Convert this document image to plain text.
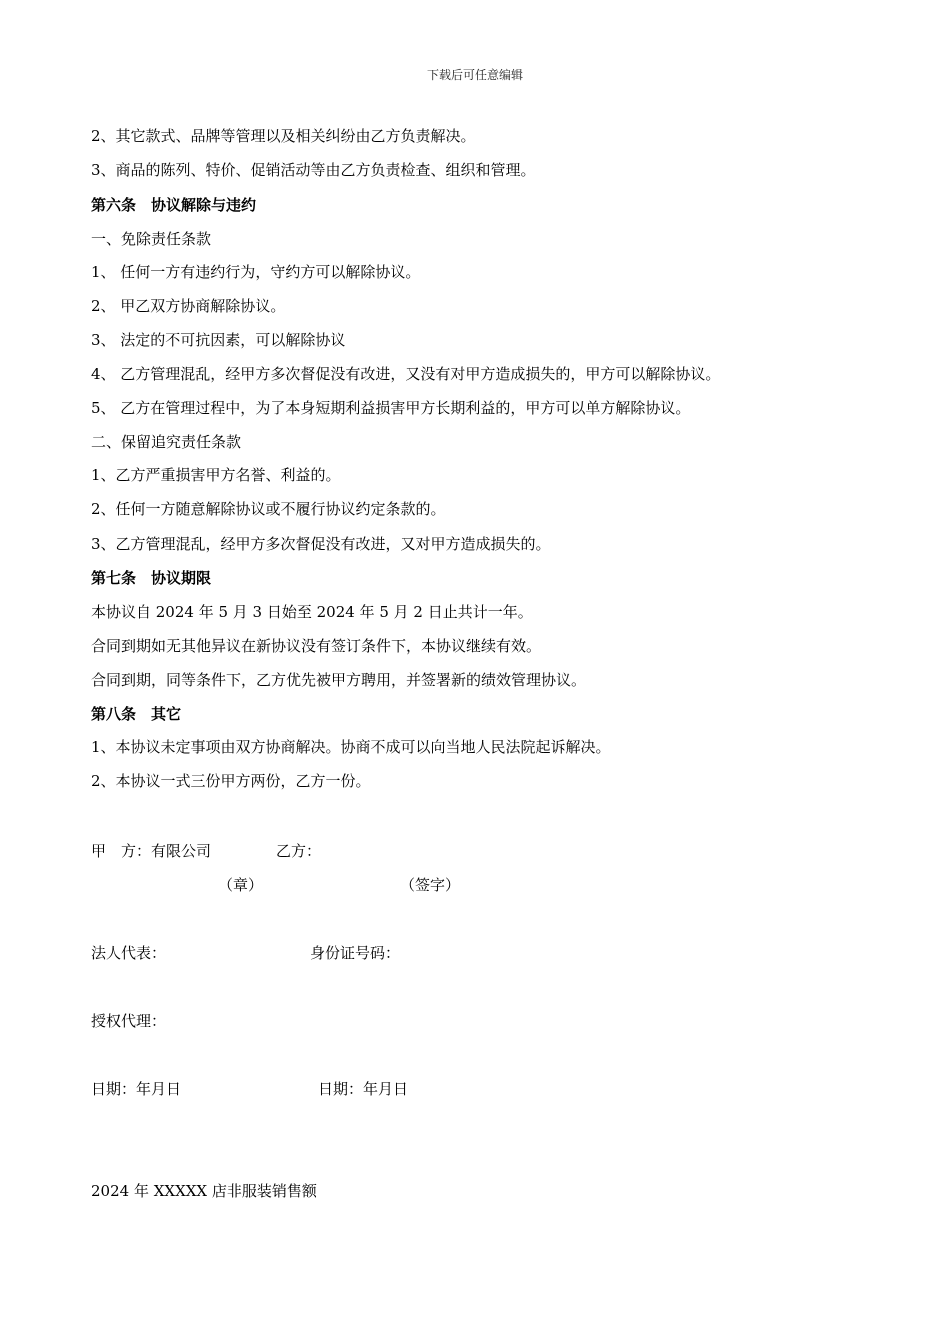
下载后可任意编辑
2、其它款式、品牌等管理以及相关纠纷由乙方负责解决。
3、商品的陈列、特价、促销活动等由乙方负责检查、组织和管理。
第六条　协议解除与违约
一、免除责任条款
1、 任何一方有违约行为，守约方可以解除协议。
2、 甲乙双方协商解除协议。
3、 法定的不可抗因素，可以解除协议
4、 乙方管理混乱，经甲方多次督促没有改进，又没有对甲方造成损失的，甲方可以解除协议。
5、 乙方在管理过程中，为了本身短期利益损害甲方长期利益的，甲方可以单方解除协议。
二、保留追究责任条款
1、乙方严重损害甲方名誉、利益的。
2、任何一方随意解除协议或不履行协议约定条款的。
3、乙方管理混乱，经甲方多次督促没有改进，又对甲方造成损失的。
第七条　协议期限
本协议自 2024 年 5 月 3 日始至 2024 年 5 月 2 日止共计一年。
合同到期如无其他异议在新协议没有签订条件下，本协议继续有效。
合同到期，同等条件下，乙方优先被甲方聘用，并签署新的绩效管理协议。
第八条　其它
1、本协议未定事项由双方协商解决。协商不成可以向当地人民法院起诉解决。
2、本协议一式三份甲方两份，乙方一份。
甲　方：有限公司	乙方：
（章）	（签字）
法人代表：	身份证号码：
授权代理：
日期：年月日	日期：年月日
2024 年 XXXXX 店非服装销售额
